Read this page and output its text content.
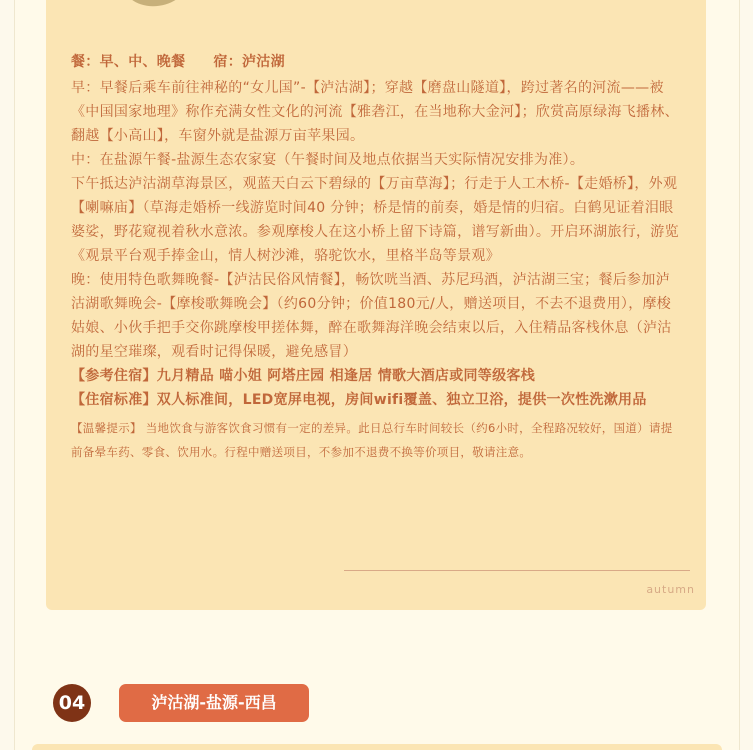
餐：早、中、晚餐 宿：泸沽湖

早：早餐后乘车前往神秘的“女儿国”-【泸沽湖】；穿越【磨盘山隧道】，跨过著名的河流——被《中国国家地理》称作充满女性文化的河流【雅砻江，在当地称大金河】；欣赏高原绿海飞播林、翻越【小高山】，车窗外就是盐源万亩苹果园。

中：在盐源午餐-盐源生态农家宴（午餐时间及地点依据当天实际情况安排为准）。

下午抵达泸沽湖草海景区，观蓝天白云下碧绿的【万亩草海】；行走于人工木桥-【走婚桥】，外观【喇嘛庙】（草海走婚桥一线游览时间40 分钟；桥是情的前奏，婚是情的归宿。白鹤见证着泪眼婆娑，野花窥视着秋水意浓。参观摩梭人在这小桥上留下诗篇，谱写新曲）。开启环湖旅行，游览《观景平台观手捧金山，情人树沙滩，骆驼饮水，里格半岛等景观》

晚：使用特色歌舞晚餐-【泸沽民俗风情餐】，畅饮咣当酒、苏尼玛酒，泸沽湖三宝；餐后参加泸沽湖歌舞晚会-【摩梭歌舞晚会】（约60分钟；价值180元/人，赠送项目，不去不退费用），摩梭姑娘、小伙手把手交你跳摩梭甲搓体舞，醉在歌舞海洋晚会结束以后，入住精品客栈休息（泸沽湖的星空璀璨，观看时记得保暖，避免感冒）

【参考住宿】九月精品 喵小姐 阿塔庄园 相逢居 情歌大酒店或同等级客栈

【住宿标准】双人标准间，LED宽屏电视，房间wifi覆盖、独立卫浴，提供一次性洗漱用品

【温馨提示】 当地饮食与游客饮食习惯有一定的差异。此日总行车时间较长（约6小时，全程路况较好，国道）请提前备晕车药、零食、饮用水。行程中赠送项目，不参加不退费不换等价项目，敬请注意。

autumn
04	泸沽湖-盐源-西昌
